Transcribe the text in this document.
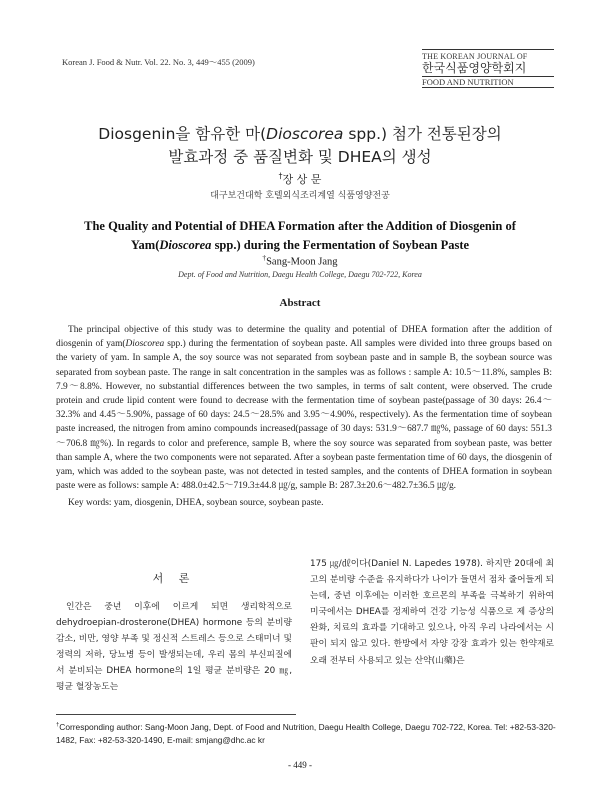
Korean J. Food & Nutr. Vol. 22. No. 3, 449～455 (2009)
THE KOREAN JOURNAL OF
한국식품영양학회지
FOOD AND NUTRITION
Diosgenin을 함유한 마(Dioscorea spp.) 첨가 전통된장의
발효과정 중 품질변화 및 DHEA의 생성
†장 상 문
대구보건대학 호텔외식조리계열 식품영양전공
The Quality and Potential of DHEA Formation after the Addition of Diosgenin of
Yam(Dioscorea spp.) during the Fermentation of Soybean Paste
†Sang-Moon Jang
Dept. of Food and Nutrition, Daegu Health College, Daegu 702-722, Korea
Abstract

The principal objective of this study was to determine the quality and potential of DHEA formation after the addition of diosgenin of yam(Dioscorea spp.) during the fermentation of soybean paste. All samples were divided into three groups based on the variety of yam. In sample A, the soy source was not separated from soybean paste and in sample B, the soybean source was separated from soybean paste. The range in salt concentration in the samples was as follows : sample A: 10.5～11.8%, samples B: 7.9～8.8%. However, no substantial differences between the two samples, in terms of salt content, were observed. The crude protein and crude lipid content were found to decrease with the fermentation time of soybean paste(passage of 30 days: 26.4～32.3% and 4.45～5.90%, passage of 60 days: 24.5～28.5% and 3.95～4.90%, respectively). As the fermentation time of soybean paste increased, the nitrogen from amino compounds increased(passage of 30 days: 531.9～687.7 ㎎%, passage of 60 days: 551.3～706.8 ㎎%). In regards to color and preference, sample B, where the soy source was separated from soybean paste, was better than sample A, where the two components were not separated. After a soybean paste fermentation time of 60 days, the diosgenin of yam, which was added to the soybean paste, was not detected in tested samples, and the contents of DHEA formation in soybean paste were as follows: sample A: 488.0±42.5～719.3±44.8 ㎍/g, sample B: 287.3±20.6～482.7±36.5 ㎍/g.

Key words: yam, diosgenin, DHEA, soybean source, soybean paste.
서 론
인간은 중년 이후에 이르게 되면 생리학적으로 dehydroepian-drosterone(DHEA) hormone 등의 분비량 감소, 비만, 영양 부족 및 정신적 스트레스 등으로 스태미너 및 정력의 저하, 당뇨병 등이 발생되는데, 우리 몸의 부신피질에서 분비되는 DHEA hormone의 1일 평균 분비량은 20 ㎎, 평균 혈장농도는
175 ㎍/㎗이다(Daniel N. Lapedes 1978). 하지만 20대에 최고의 분비량 수준을 유지하다가 나이가 들면서 점차 줄어들게 되는데, 중년 이후에는 이러한 호르몬의 부족을 극복하기 위하여 미국에서는 DHEA를 정제하여 건강 기능성 식품으로 제 증상의 완화, 치료의 효과를 기대하고 있으나, 아직 우리 나라에서는 시판이 되지 않고 있다. 한방에서 자양 강장 효과가 있는 한약재로 오래 전부터 사용되고 있는 산약(山藥)은
†Corresponding author: Sang-Moon Jang, Dept. of Food and Nutrition, Daegu Health College, Daegu 702-722, Korea. Tel: +82-53-320-1482, Fax: +82-53-320-1490, E-mail: smjang@dhc.ac kr
- 449 -
